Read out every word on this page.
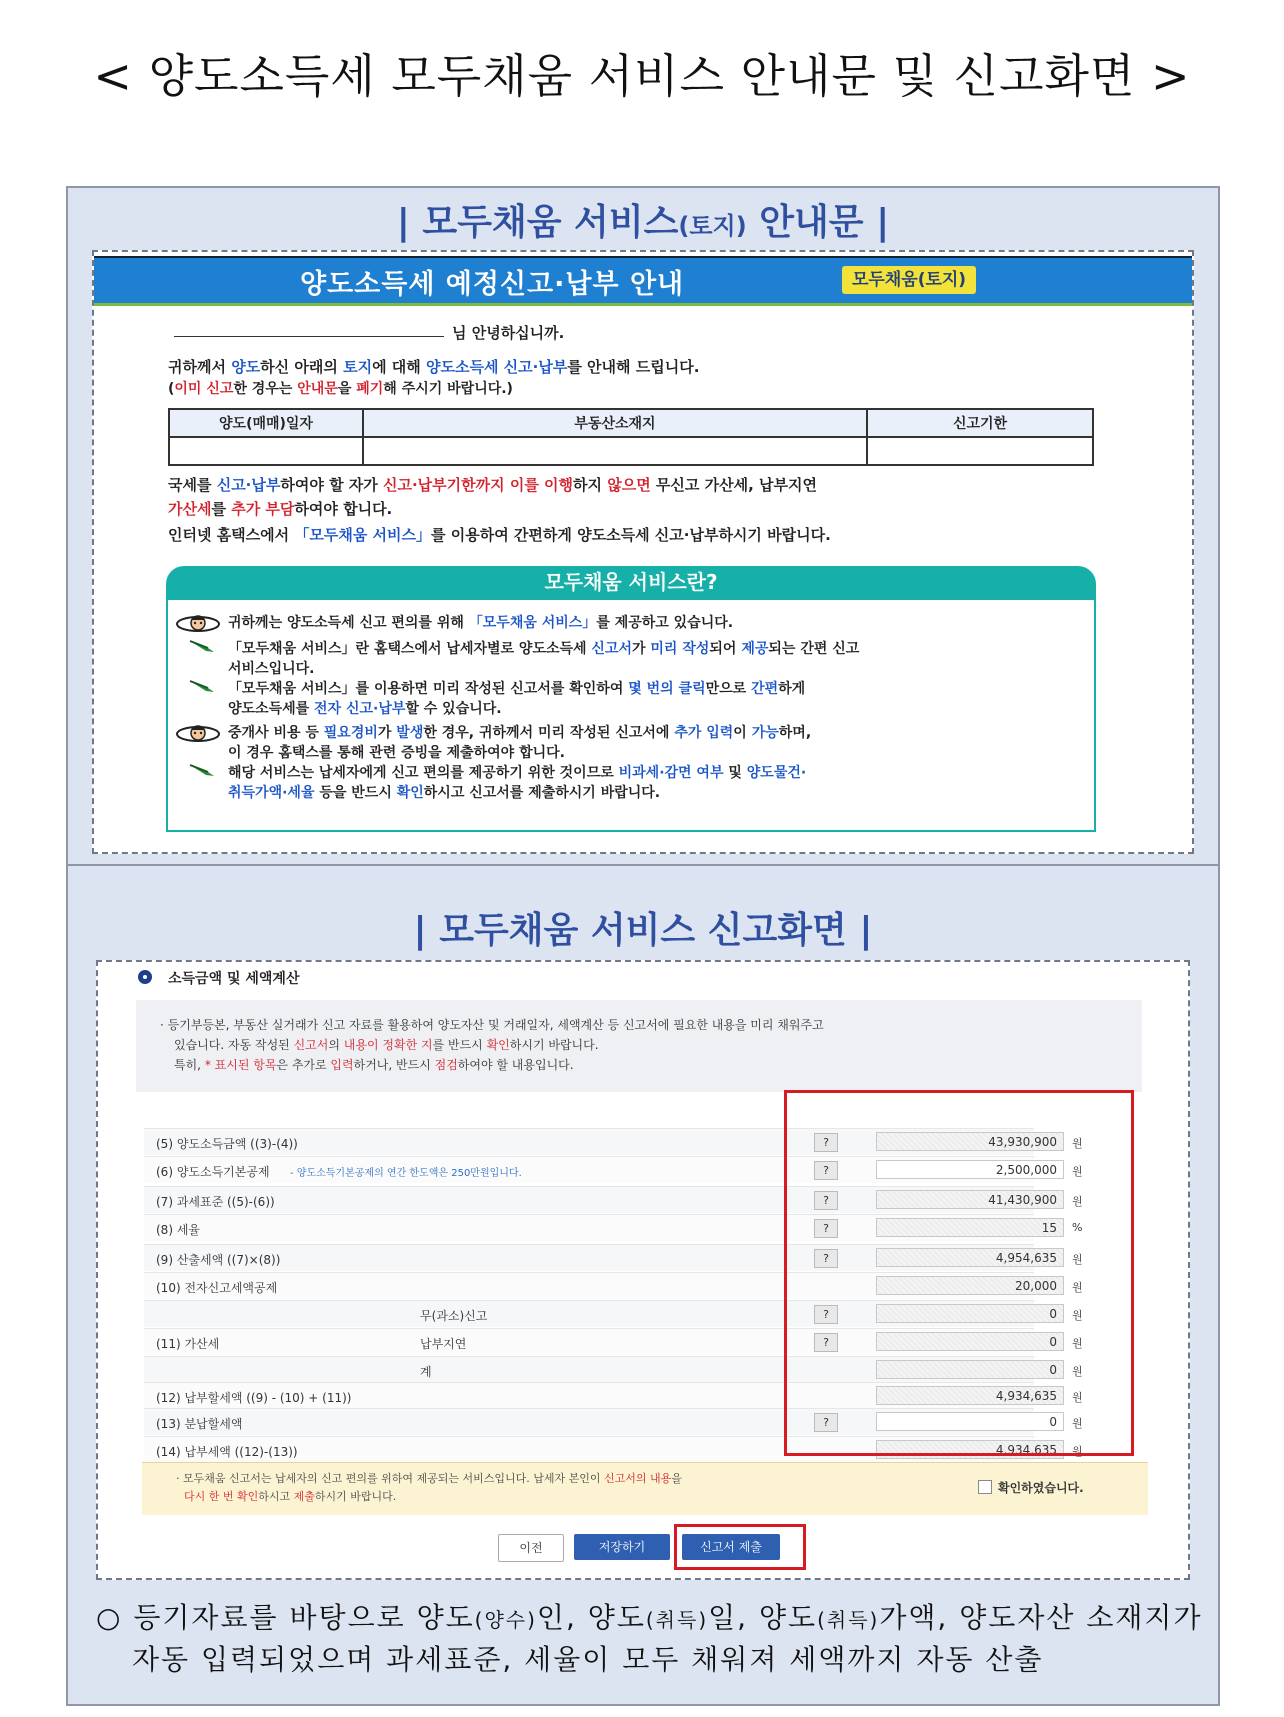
< 양도소득세 모두채움 서비스 안내문 및 신고화면 >
| 모두채움 서비스(토지) 안내문 |
양도소득세 예정신고·납부 안내	모두채움(토지)
님 안녕하십니까.
귀하께서 양도하신 아래의 토지에 대해 양도소득세 신고·납부를 안내해 드립니다.
(이미 신고한 경우는 안내문을 폐기해 주시기 바랍니다.)
양도(매매)일자	부동산소재지	신고기한

국세를 신고·납부하여야 할 자가 신고·납부기한까지 이를 이행하지 않으면 무신고 가산세, 납부지연
가산세를 추가 부담하여야 합니다.
인터넷 홈택스에서 「모두채움 서비스」를 이용하여 간편하게 양도소득세 신고·납부하시기 바랍니다.
모두채움 서비스란?
귀하께는 양도소득세 신고 편의를 위해 「모두채움 서비스」를 제공하고 있습니다.
「모두채움 서비스」란 홈택스에서 납세자별로 양도소득세 신고서가 미리 작성되어 제공되는 간편 신고
서비스입니다.
「모두채움 서비스」를 이용하면 미리 작성된 신고서를 확인하여 몇 번의 클릭만으로 간편하게
양도소득세를 전자 신고·납부할 수 있습니다.
중개사 비용 등 필요경비가 발생한 경우, 귀하께서 미리 작성된 신고서에 추가 입력이 가능하며,
이 경우 홈택스를 통해 관련 증빙을 제출하여야 합니다.
해당 서비스는 납세자에게 신고 편의를 제공하기 위한 것이므로 비과세·감면 여부 및 양도물건·
취득가액·세율 등을 반드시 확인하시고 신고서를 제출하시기 바랍니다.
| 모두채움 서비스 신고화면 |
소득금액 및 세액계산
· 등기부등본, 부동산 실거래가 신고 자료를 활용하여 양도자산 및 거래일자, 세액계산 등 신고서에 필요한 내용을 미리 채워주고
있습니다. 자동 작성된 신고서의 내용이 정확한 지를 반드시 확인하시기 바랍니다.
특히, * 표시된 항목은 추가로 입력하거나, 반드시 점검하여야 할 내용입니다.
(5) 양도소득금액 ((3)-(4))	?	43,930,900	원
(6) 양도소득기본공제 - 양도소득기본공제의 연간 한도액은 250만원입니다.	?	2,500,000	원
(7) 과세표준 ((5)-(6))	?	41,430,900	원
(8) 세율	?	15	%
(9) 산출세액 ((7)×(8))	?	4,954,635	원
(10) 전자신고세액공제	20,000	원
무(과소)신고	?	0	원
(11) 가산세	납부지연	?	0	원
계	0	원
(12) 납부할세액 ((9) - (10) + (11))	4,934,635	원
(13) 분납할세액	?	0	원
(14) 납부세액 ((12)-(13))	4,934,635	원
· 모두채움 신고서는 납세자의 신고 편의를 위하여 제공되는 서비스입니다. 납세자 본인이 신고서의 내용을
다시 한 번 확인하시고 제출하시기 바랍니다.
확인하였습니다.
이전	저장하기	신고서 제출
○ 등기자료를 바탕으로 양도(양수)인, 양도(취득)일, 양도(취득)가액, 양도자산 소재지가
자동 입력되었으며 과세표준, 세율이 모두 채워져 세액까지 자동 산출
